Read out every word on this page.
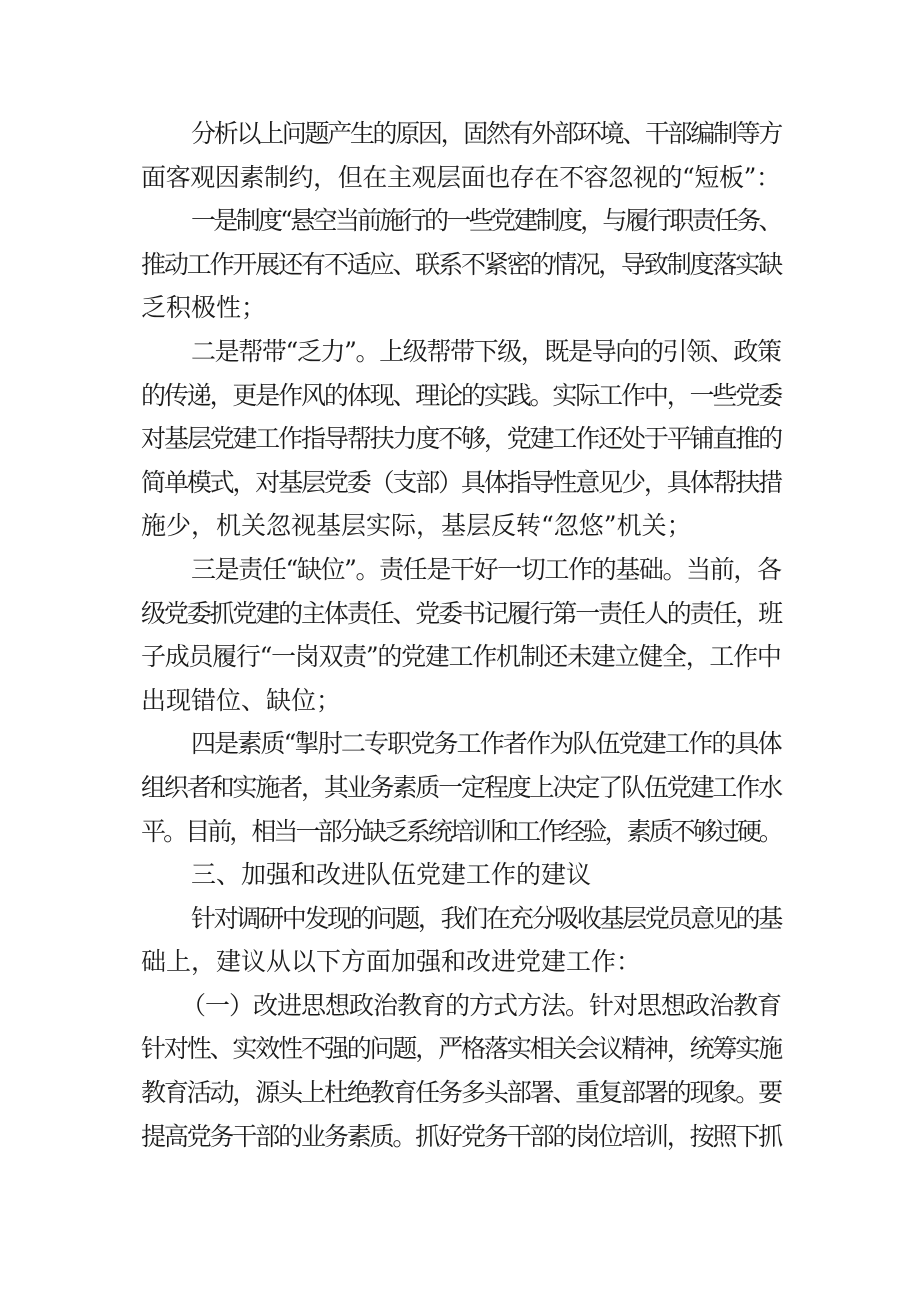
分析以上问题产生的原因，固然有外部环境、干部编制等方
面客观因素制约，但在主观层面也存在不容忽视的“短板”：
一是制度“悬空当前施行的一些党建制度，与履行职责任务、
推动工作开展还有不适应、联系不紧密的情况，导致制度落实缺
乏积极性；
二是帮带“乏力”。上级帮带下级，既是导向的引领、政策
的传递，更是作风的体现、理论的实践。实际工作中，一些党委
对基层党建工作指导帮扶力度不够，党建工作还处于平铺直推的
简单模式，对基层党委（支部）具体指导性意见少，具体帮扶措
施少，机关忽视基层实际，基层反转“忽悠”机关；
三是责任“缺位”。责任是干好一切工作的基础。当前，各
级党委抓党建的主体责任、党委书记履行第一责任人的责任，班
子成员履行“一岗双责”的党建工作机制还未建立健全，工作中
出现错位、缺位；
四是素质“掣肘二专职党务工作者作为队伍党建工作的具体
组织者和实施者，其业务素质一定程度上决定了队伍党建工作水
平。目前，相当一部分缺乏系统培训和工作经验，素质不够过硬。
三、加强和改进队伍党建工作的建议
针对调研中发现的问题，我们在充分吸收基层党员意见的基
础上，建议从以下方面加强和改进党建工作：
（一）改进思想政治教育的方式方法。针对思想政治教育
针对性、实效性不强的问题，严格落实相关会议精神，统筹实施
教育活动，源头上杜绝教育任务多头部署、重复部署的现象。要
提高党务干部的业务素质。抓好党务干部的岗位培训，按照下抓
